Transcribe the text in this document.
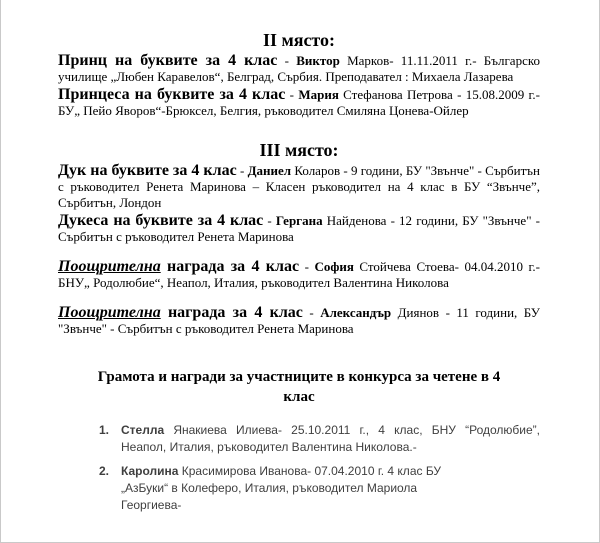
II място:

Принц на буквите за 4 клас - Виктор Марков- 11.11.2011 г.- Българско училище „Любен Каравелов“, Белград, Сърбия. Преподавател : Михаела Лазарева

Принцеса на буквите за 4 клас - Мария Стефанова Петрова - 15.08.2009 г.- БУ„ Пейо Яворов“-Брюксел, Белгия, ръководител Смиляна Цонева-Ойлер

III място:

Дук на буквите за 4 клас - Даниел Коларов - 9 години, БУ "Звънче" - Сърбитън с ръководител Ренета Маринова – Класен ръководител на 4 клас в БУ “Звънче”, Сърбитън, Лондон

Дукеса на буквите за 4 клас - Гергана Найденова - 12 години, БУ "Звънче" - Сърбитън с ръководител Ренета Маринова

Поощрителна награда за 4 клас - София Стойчева Стоева- 04.04.2010 г.- БНУ„ Родолюбие“, Неапол, Италия, ръководител Валентина Николова

Поощрителна награда за 4 клас - Александър Диянов - 11 години, БУ "Звънче" - Сърбитън с ръководител Ренета Маринова

Грамота и награди за участниците в конкурса за четене в 4 клас
1. Стелла Янакиева Илиева- 25.10.2011 г., 4 клас, БНУ “Родолюбие”, Неапол, Италия, ръководител Валентина Николова.-
2. Каролина Красимирова Иванова- 07.04.2010 г. 4 клас БУ „АзБуки“ в Колеферо, Италия, ръководител Мариола Георгиева-
